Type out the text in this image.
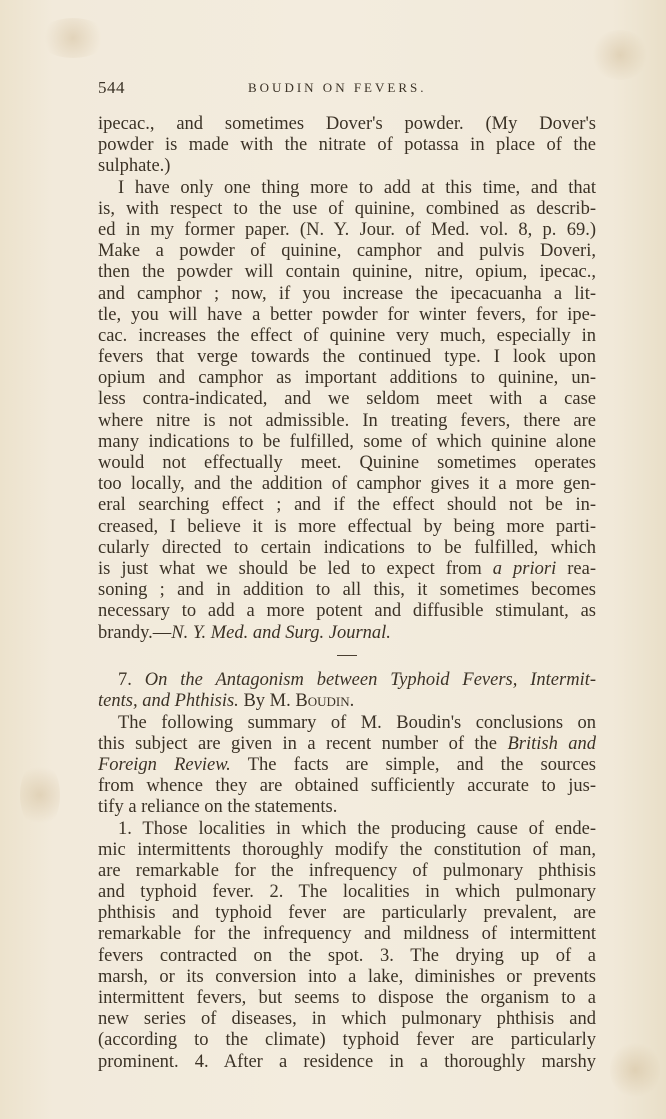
544	BOUDIN ON FEVERS.
ipecac., and sometimes Dover's powder. (My Dover's
powder is made with the nitrate of potassa in place of the
sulphate.)
I have only one thing more to add at this time, and that
is, with respect to the use of quinine, combined as describ-
ed in my former paper. (N. Y. Jour. of Med. vol. 8, p. 69.)
Make a powder of quinine, camphor and pulvis Doveri,
then the powder will contain quinine, nitre, opium, ipecac.,
and camphor ; now, if you increase the ipecacuanha a lit-
tle, you will have a better powder for winter fevers, for ipe-
cac. increases the effect of quinine very much, especially in
fevers that verge towards the continued type. I look upon
opium and camphor as important additions to quinine, un-
less contra-indicated, and we seldom meet with a case
where nitre is not admissible. In treating fevers, there are
many indications to be fulfilled, some of which quinine alone
would not effectually meet. Quinine sometimes operates
too locally, and the addition of camphor gives it a more gen-
eral searching effect ; and if the effect should not be in-
creased, I believe it is more effectual by being more parti-
cularly directed to certain indications to be fulfilled, which
is just what we should be led to expect from a priori rea-
soning ; and in addition to all this, it sometimes becomes
necessary to add a more potent and diffusible stimulant, as
brandy.—N. Y. Med. and Surg. Journal.
7. On the Antagonism between Typhoid Fevers, Intermit-
tents, and Phthisis. By M. Boudin.
The following summary of M. Boudin's conclusions on
this subject are given in a recent number of the British and
Foreign Review. The facts are simple, and the sources
from whence they are obtained sufficiently accurate to jus-
tify a reliance on the statements.
1. Those localities in which the producing cause of ende-
mic intermittents thoroughly modify the constitution of man,
are remarkable for the infrequency of pulmonary phthisis
and typhoid fever. 2. The localities in which pulmonary
phthisis and typhoid fever are particularly prevalent, are
remarkable for the infrequency and mildness of intermittent
fevers contracted on the spot. 3. The drying up of a
marsh, or its conversion into a lake, diminishes or prevents
intermittent fevers, but seems to dispose the organism to a
new series of diseases, in which pulmonary phthisis and
(according to the climate) typhoid fever are particularly
prominent. 4. After a residence in a thoroughly marshy
